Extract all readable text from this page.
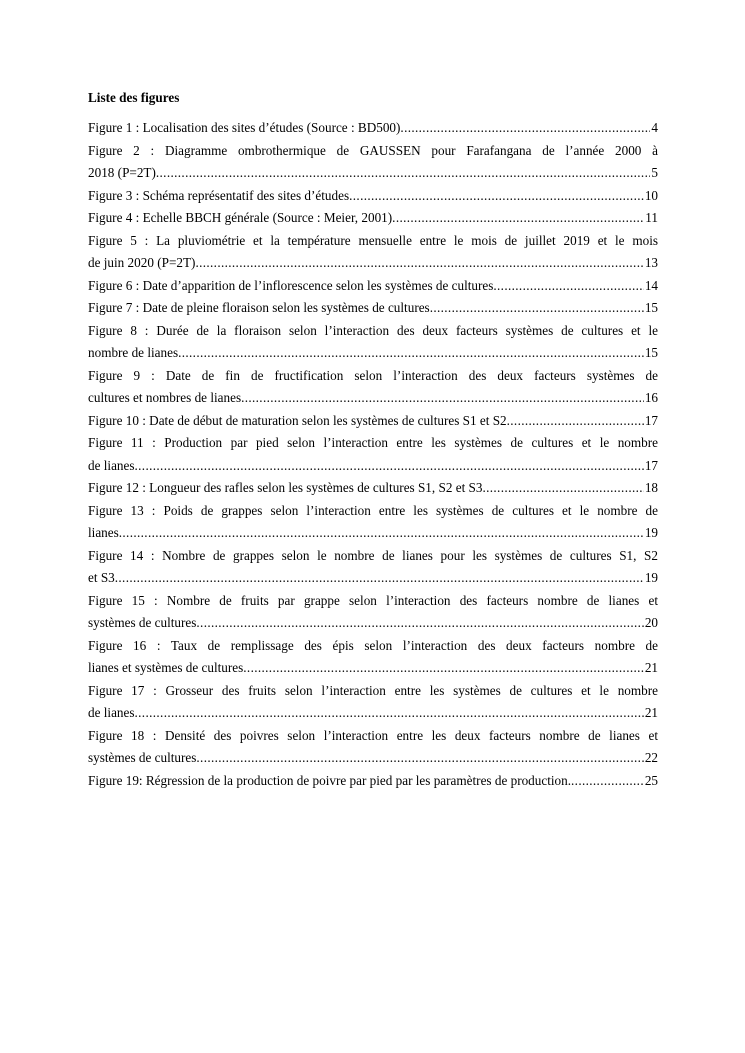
Liste des figures
Figure 1 : Localisation des sites d’études (Source : BD500) .....	4
Figure 2 : Diagramme ombrothermique de GAUSSEN pour Farafangana de l’année 2000 à
2018 (P=2T) .....	5
Figure 3 : Schéma représentatif des sites d’études .....	10
Figure 4 : Echelle BBCH générale (Source : Meier, 2001) .....	11
Figure 5 : La pluviométrie et la température mensuelle entre le mois de juillet 2019 et le mois
de juin 2020 (P=2T) .....	13
Figure 6 : Date d’apparition de l’inflorescence selon les systèmes de cultures .....	14
Figure 7 : Date de pleine floraison selon les systèmes de cultures .....	15
Figure 8 : Durée de la floraison selon l’interaction des deux facteurs systèmes de cultures et le
nombre de lianes .....	15
Figure 9 : Date de fin de fructification selon l’interaction des deux facteurs systèmes de
cultures et nombres de lianes .....	16
Figure 10 : Date de début de maturation selon les systèmes de cultures S1 et S2 .....	17
Figure 11 : Production par pied selon l’interaction entre les systèmes de cultures et le nombre
de lianes .....	17
Figure 12 : Longueur des rafles selon les systèmes de cultures S1, S2 et S3 .....	18
Figure 13 : Poids de grappes selon l’interaction entre les systèmes de cultures et le nombre de
lianes .....	19
Figure 14 : Nombre de grappes selon le nombre de lianes pour les systèmes de cultures S1, S2
et S3 .....	19
Figure 15 : Nombre de fruits par grappe selon l’interaction des facteurs nombre de lianes et
systèmes de cultures .....	20
Figure 16 : Taux de remplissage des épis selon l’interaction des deux facteurs nombre de
lianes et systèmes de cultures .....	21
Figure 17 : Grosseur des fruits selon l’interaction entre les systèmes de cultures et le nombre
de lianes .....	21
Figure 18 : Densité des poivres selon l’interaction entre les deux facteurs nombre de lianes et
systèmes de cultures .....	22
Figure 19: Régression de la production de poivre par pied par les paramètres de production. .....	25
